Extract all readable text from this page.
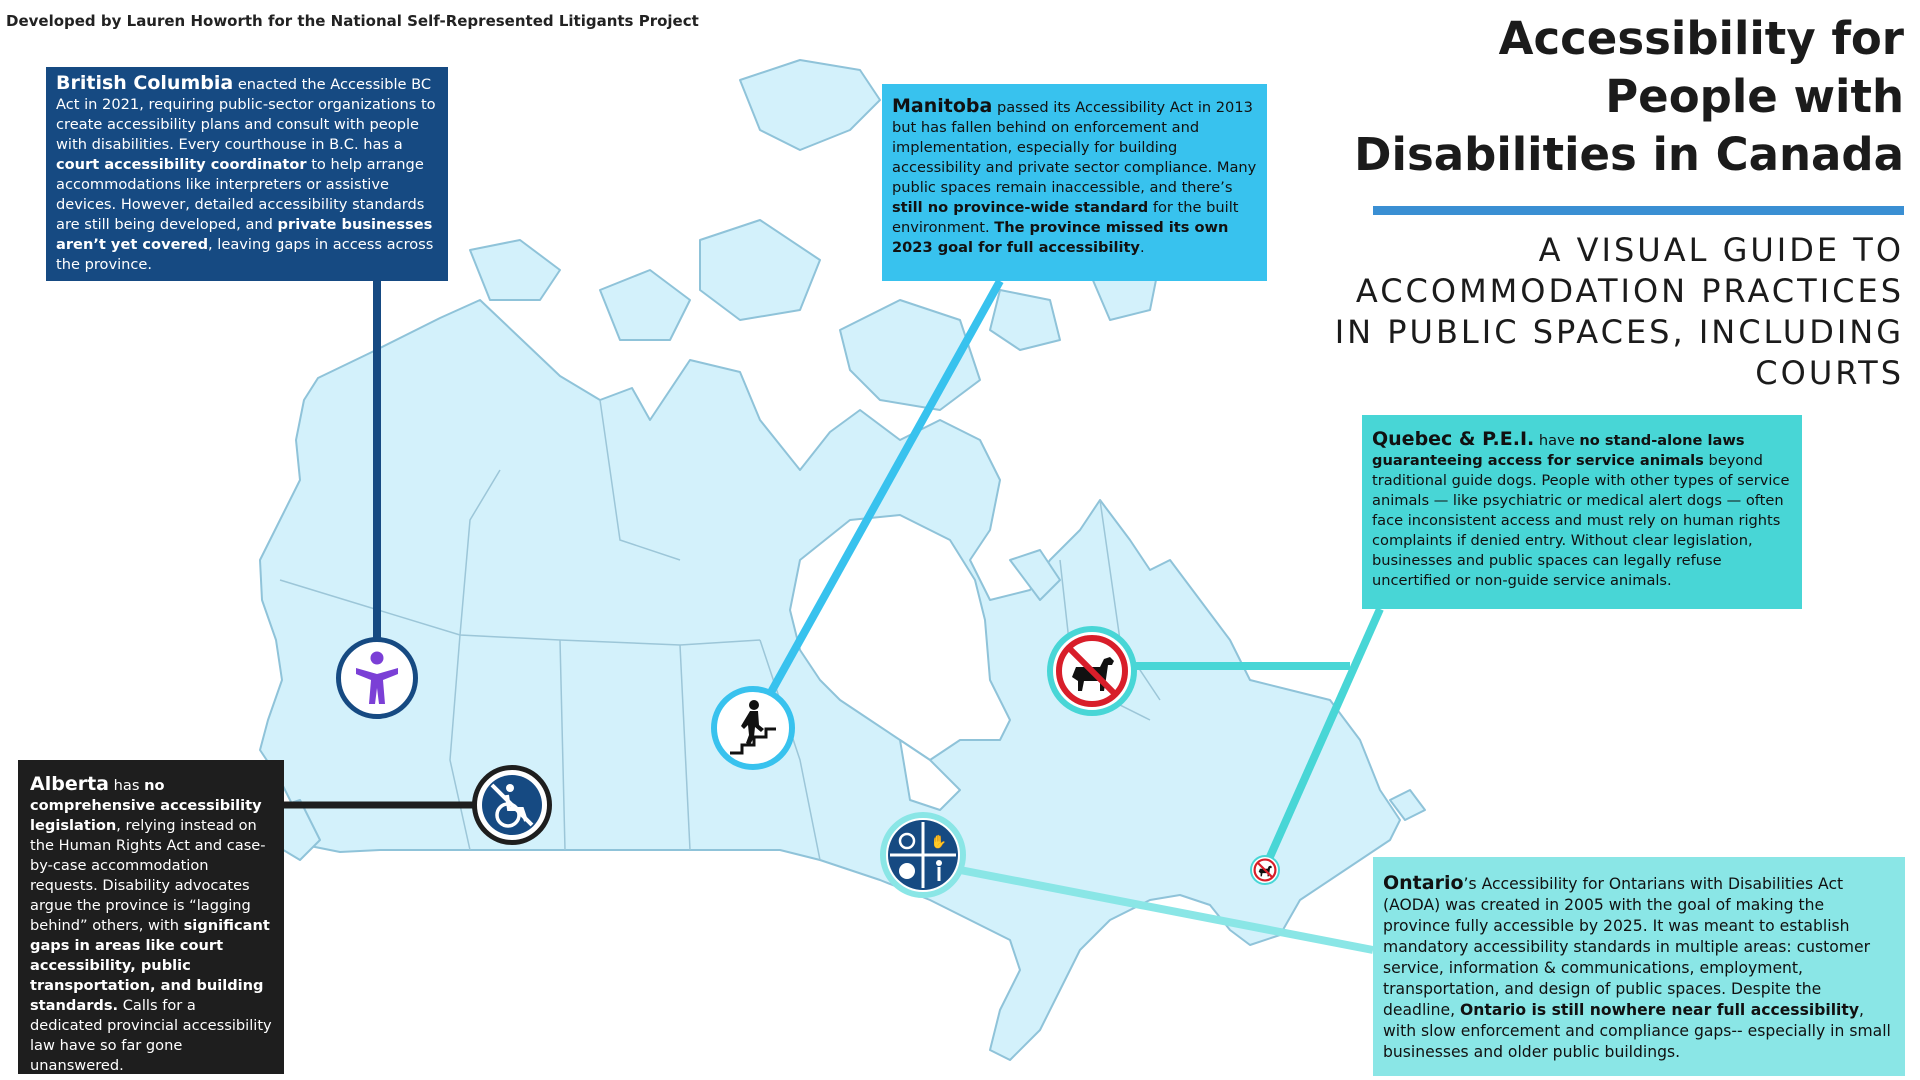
Developed by Lauren Howorth for the National Self-Represented Litigants Project	Accessibility for
People with
Disabilities in Canada
A VISUAL GUIDE TO
ACCOMMODATION PRACTICES
IN PUBLIC SPACES, INCLUDING
COURTS
British Columbia enacted the Accessible BC Act in 2021, requiring public-sector organizations to create accessibility plans and consult with people with disabilities. Every courthouse in B.C. has a court accessibility coordinator to help arrange accommodations like interpreters or assistive devices. However, detailed accessibility standards are still being developed, and private businesses aren’t yet covered, leaving gaps in access across the province.
Manitoba passed its Accessibility Act in 2013 but has fallen behind on enforcement and implementation, especially for building accessibility and private sector compliance. Many public spaces remain inaccessible, and there’s still no province-wide standard for the built environment. The province missed its own 2023 goal for full accessibility.
Quebec & P.E.I. have no stand-alone laws guaranteeing access for service animals beyond traditional guide dogs. People with other types of service animals — like psychiatric or medical alert dogs — often face inconsistent access and must rely on human rights complaints if denied entry. Without clear legislation, businesses and public spaces can legally refuse uncertified or non-guide service animals.
Alberta has no comprehensive accessibility legislation, relying instead on the Human Rights Act and case-by-case accommodation requests. Disability advocates argue the province is “lagging behind” others, with significant gaps in areas like court accessibility, public transportation, and building standards. Calls for a dedicated provincial accessibility law have so far gone unanswered.
Ontario’s Accessibility for Ontarians with Disabilities Act (AODA) was created in 2005 with the goal of making the province fully accessible by 2025. It was meant to establish mandatory accessibility standards in multiple areas: customer service, information & communications, employment, transportation, and design of public spaces. Despite the deadline, Ontario is still nowhere near full accessibility, with slow enforcement and compliance gaps-- especially in small businesses and older public buildings.
✋
